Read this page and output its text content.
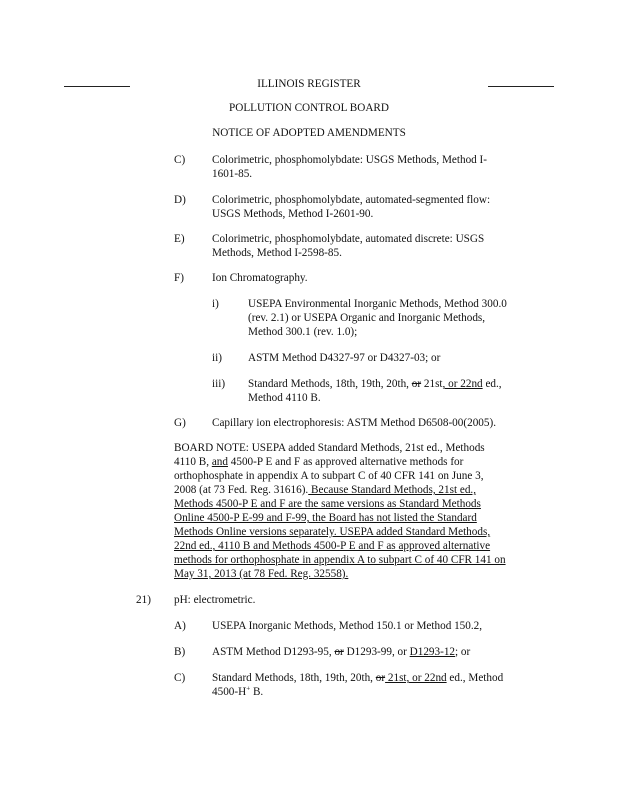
ILLINOIS REGISTER
POLLUTION CONTROL BOARD
NOTICE OF ADOPTED AMENDMENTS
C) Colorimetric, phosphomolybdate: USGS Methods, Method I-
1601-85.
D) Colorimetric, phosphomolybdate, automated-segmented flow:
USGS Methods, Method I-2601-90.
E) Colorimetric, phosphomolybdate, automated discrete: USGS
Methods, Method I-2598-85.
F)	Ion Chromatography.
i)	USEPA Environmental Inorganic Methods, Method 300.0
(rev. 2.1) or USEPA Organic and Inorganic Methods,
Method 300.1 (rev. 1.0);
ii) ASTM Method D4327-97 or D4327-03; or
iii) Standard Methods, 18th, 19th, 20th, or 21st, or 22nd ed.,
Method 4110 B.
G) Capillary ion electrophoresis: ASTM Method D6508-00(2005).
BOARD NOTE: USEPA added Standard Methods, 21st ed., Methods
4110 B, and 4500-P E and F as approved alternative methods for
orthophosphate in appendix A to subpart C of 40 CFR 141 on June 3,
2008 (at 73 Fed. Reg. 31616). Because Standard Methods, 21st ed.,
Methods 4500-P E and F are the same versions as Standard Methods
Online 4500-P E-99 and F-99, the Board has not listed the Standard
Methods Online versions separately. USEPA added Standard Methods,
22nd ed., 4110 B and Methods 4500-P E and F as approved alternative
methods for orthophosphate in appendix A to subpart C of 40 CFR 141 on
May 31, 2013 (at 78 Fed. Reg. 32558).
21) pH: electrometric.
A) USEPA Inorganic Methods, Method 150.1 or Method 150.2,
B) ASTM Method D1293-95, or D1293-99, or D1293-12; or
C) Standard Methods, 18th, 19th, 20th, or 21st, or 22nd ed., Method
4500-H+ B.
